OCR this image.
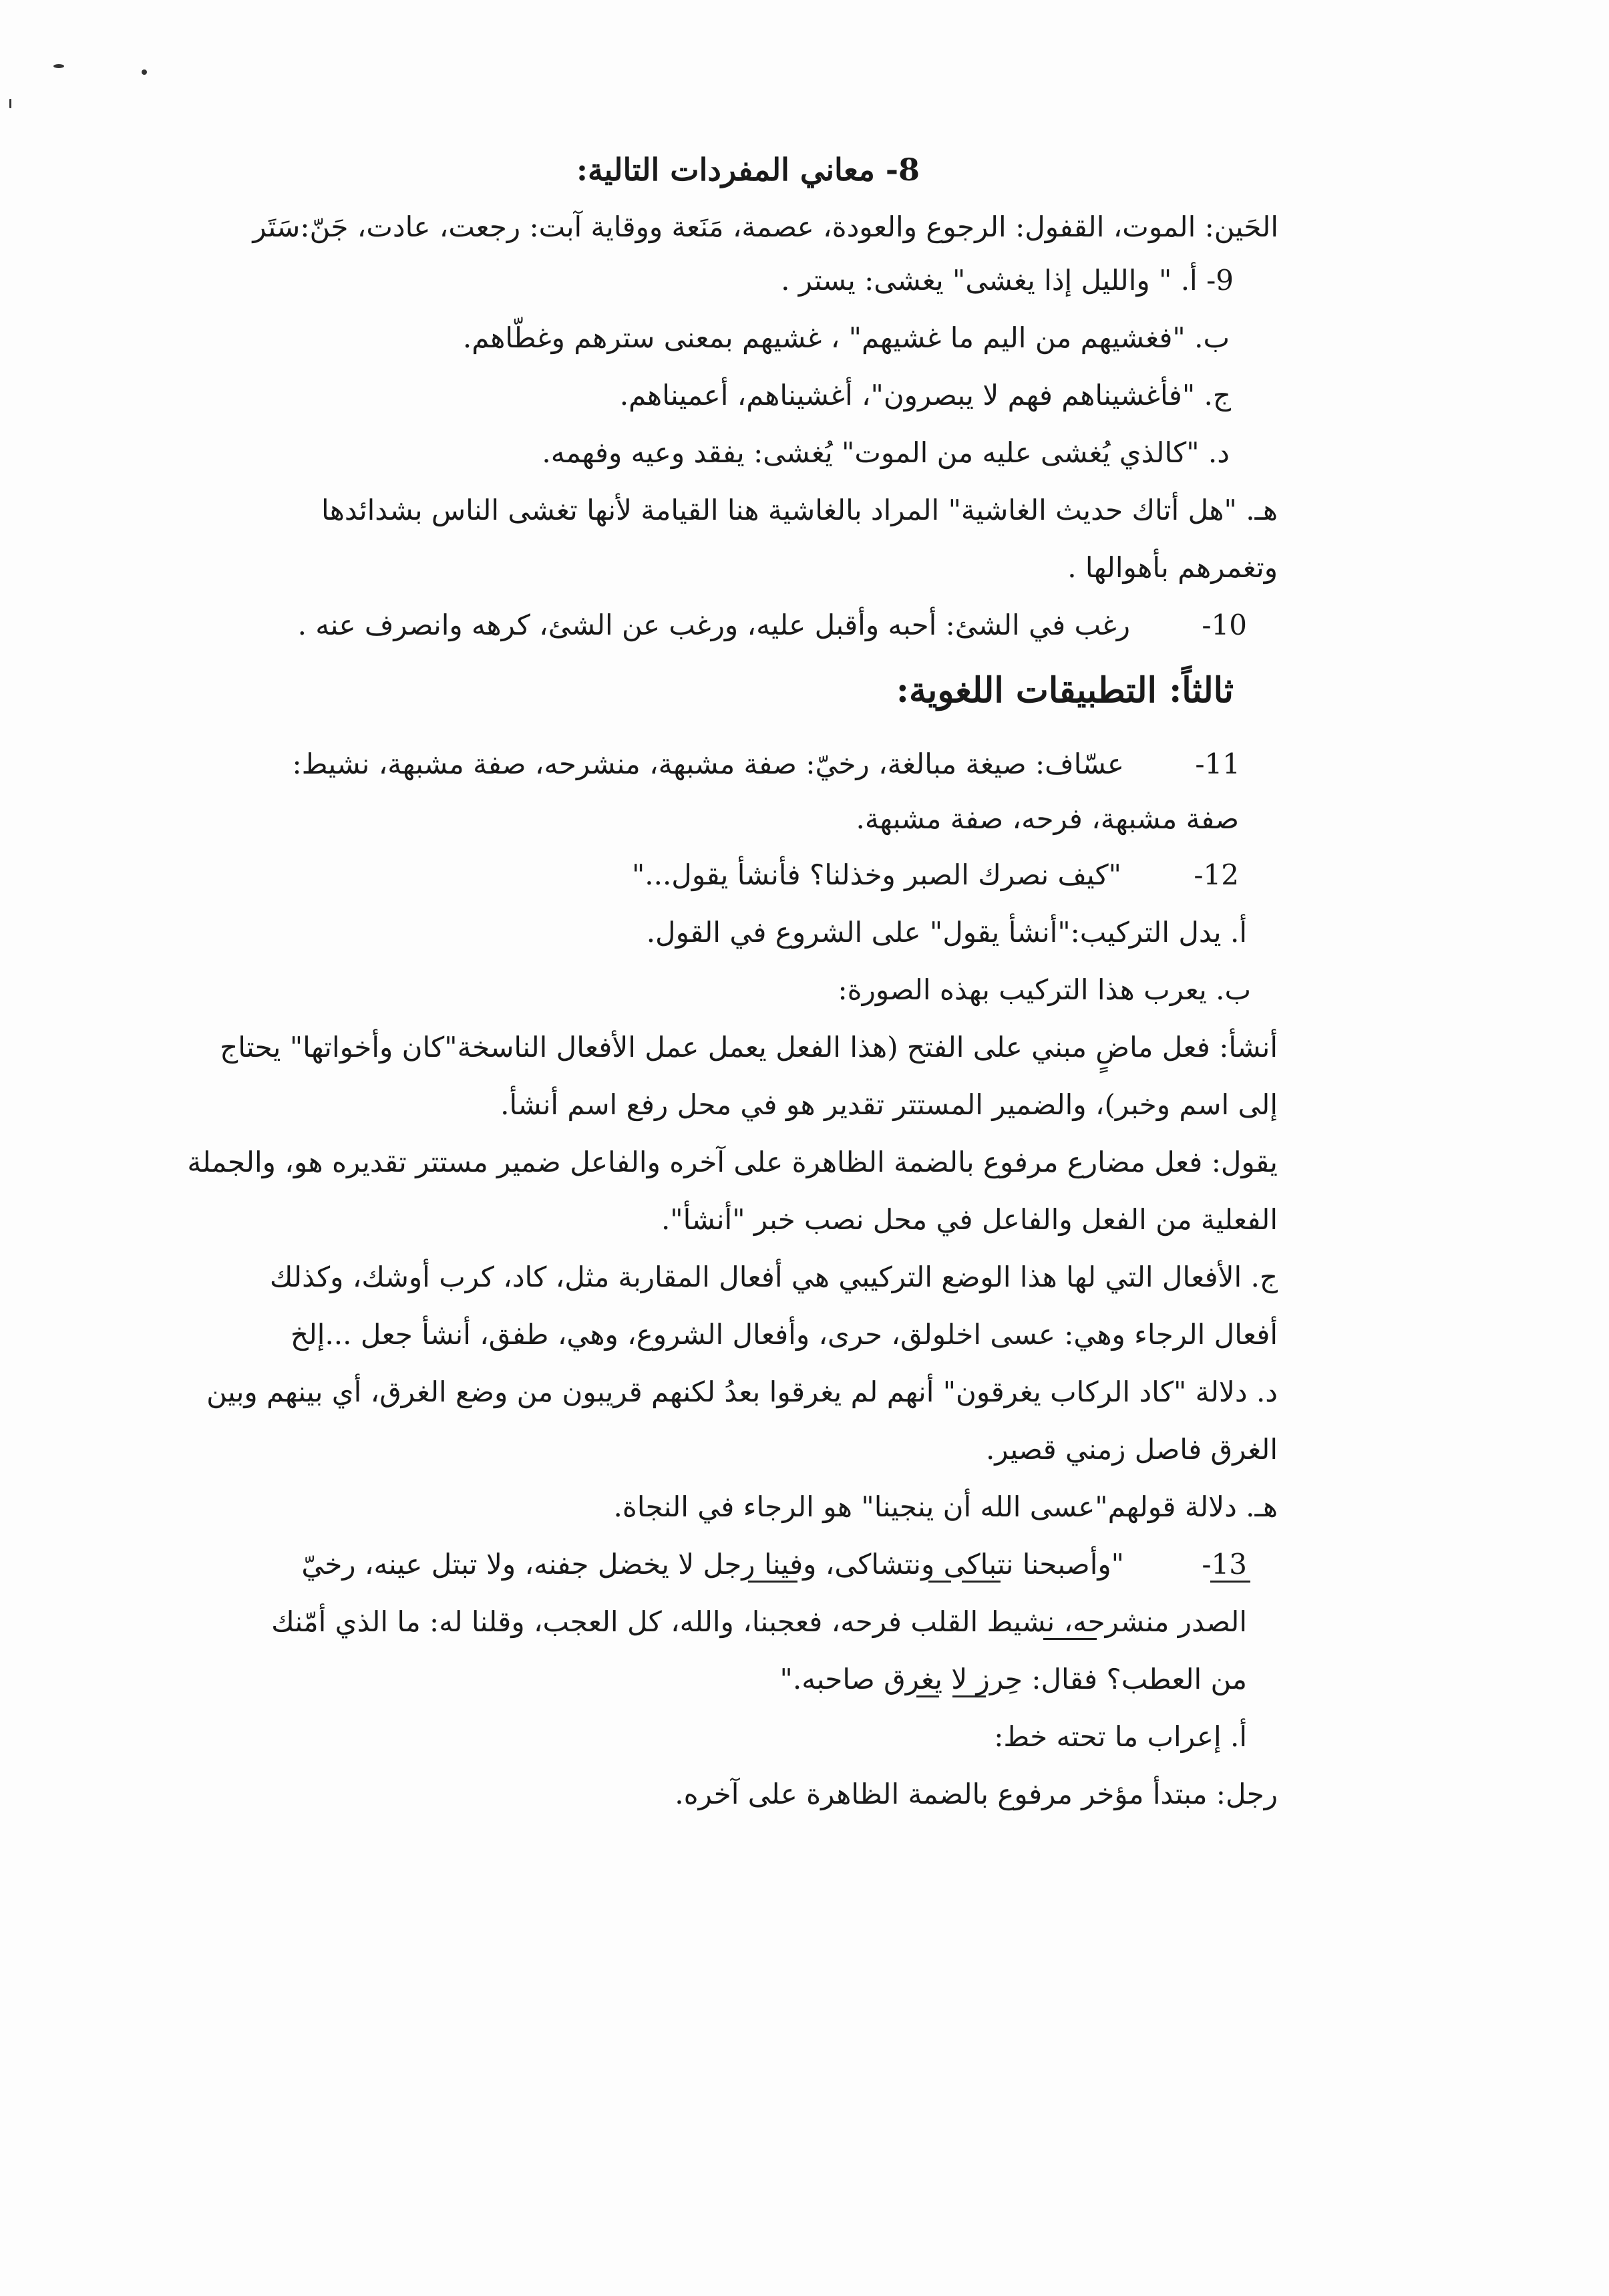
8- معاني المفردات التالية:
الحَين: الموت، القفول: الرجوع والعودة، عصمة، مَنَعة ووقاية آبت: رجعت، عادت، جَنّ:سَتَر
9- أ. " والليل إذا يغشى" يغشى: يستر .
ب. "فغشيهم من اليم ما غشيهم" ، غشيهم بمعنى سترهم وغطّاهم.
ج. "فأغشيناهم فهم لا يبصرون"، أغشيناهم، أعميناهم.
د. "كالذي يُغشى عليه من الموت" يُغشى: يفقد وعيه وفهمه.
هـ. "هل أتاك حديث الغاشية" المراد بالغاشية هنا القيامة لأنها تغشى الناس بشدائدها
وتغمرهم بأهوالها .
10-
رغب في الشئ: أحبه وأقبل عليه، ورغب عن الشئ، كرهه وانصرف عنه .
ثالثاً: التطبيقات اللغوية:
11-
عسّاف: صيغة مبالغة، رخيّ: صفة مشبهة، منشرحه، صفة مشبهة، نشيط:
صفة مشبهة، فرحه، صفة مشبهة.
12-
"كيف نصرك الصبر وخذلنا؟ فأنشأ يقول..."
أ. يدل التركيب:"أنشأ يقول" على الشروع في القول.
ب. يعرب هذا التركيب بهذه الصورة:
أنشأ: فعل ماضٍ مبني على الفتح (هذا الفعل يعمل عمل الأفعال الناسخة"كان وأخواتها" يحتاج
إلى اسم وخبر)، والضمير المستتر تقدير هو في محل رفع اسم أنشأ.
يقول: فعل مضارع مرفوع بالضمة الظاهرة على آخره والفاعل ضمير مستتر تقديره هو، والجملة
الفعلية من الفعل والفاعل في محل نصب خبر "أنشأ".
ج. الأفعال التي لها هذا الوضع التركيبي هي أفعال المقاربة مثل، كاد، كرب أوشك، وكذلك
أفعال الرجاء وهي: عسى اخلولق، حرى، وأفعال الشروع، وهي، طفق، أنشأ جعل ...إلخ
د. دلالة "كاد الركاب يغرقون" أنهم لم يغرقوا بعدُ لكنهم قريبون من وضع الغرق، أي بينهم وبين
الغرق فاصل زمني قصير.
هـ. دلالة قولهم"عسى الله أن ينجينا" هو الرجاء في النجاة.
13-
"وأصبحنا نتباكى ونتشاكى، وفينا رجل لا يخضل جفنه، ولا تبتل عينه، رخيّ
الصدر منشرحه، نشيط القلب فرحه، فعجبنا، والله، كل العجب، وقلنا له: ما الذي أمّنك
من العطب؟ فقال: حِرز لا يغرق صاحبه."
أ. إعراب ما تحته خط:
رجل: مبتدأ مؤخر مرفوع بالضمة الظاهرة على آخره.
